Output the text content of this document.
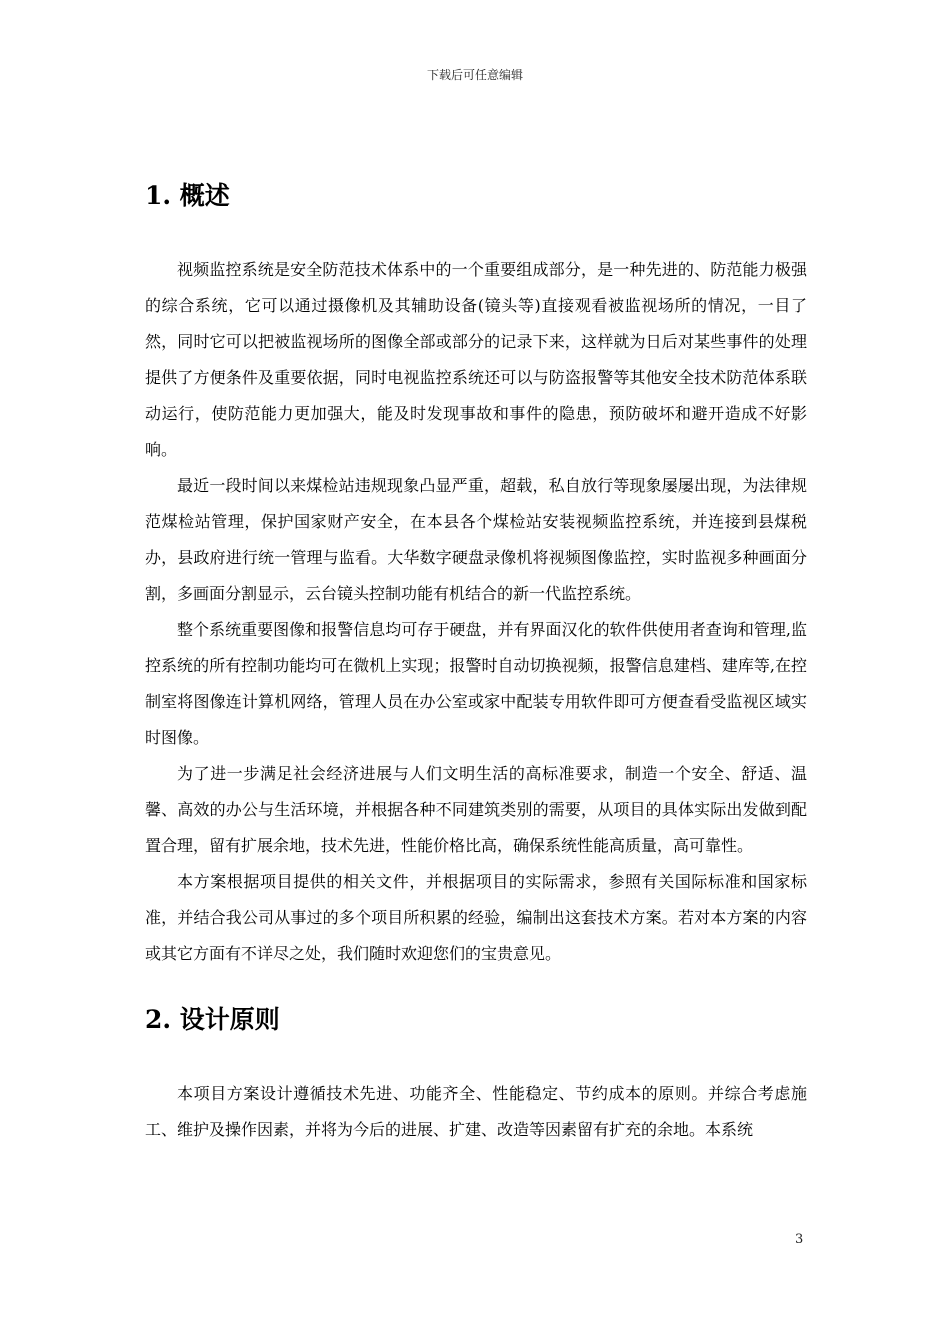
下载后可任意编辑
1. 概述

视频监控系统是安全防范技术体系中的一个重要组成部分，是一种先进的、防范能力极强的综合系统，它可以通过摄像机及其辅助设备(镜头等)直接观看被监视场所的情况，一目了然，同时它可以把被监视场所的图像全部或部分的记录下来，这样就为日后对某些事件的处理提供了方便条件及重要依据，同时电视监控系统还可以与防盗报警等其他安全技术防范体系联动运行，使防范能力更加强大，能及时发现事故和事件的隐患，预防破坏和避开造成不好影响。

最近一段时间以来煤检站违规现象凸显严重，超载，私自放行等现象屡屡出现，为法律规范煤检站管理，保护国家财产安全，在本县各个煤检站安装视频监控系统，并连接到县煤税办，县政府进行统一管理与监看。大华数字硬盘录像机将视频图像监控，实时监视多种画面分割，多画面分割显示，云台镜头控制功能有机结合的新一代监控系统。

整个系统重要图像和报警信息均可存于硬盘，并有界面汉化的软件供使用者查询和管理,监控系统的所有控制功能均可在微机上实现；报警时自动切换视频，报警信息建档、建库等,在控制室将图像连计算机网络，管理人员在办公室或家中配装专用软件即可方便查看受监视区域实时图像。

为了进一步满足社会经济进展与人们文明生活的高标准要求，制造一个安全、舒适、温馨、高效的办公与生活环境，并根据各种不同建筑类别的需要，从项目的具体实际出发做到配置合理，留有扩展余地，技术先进，性能价格比高，确保系统性能高质量，高可靠性。

本方案根据项目提供的相关文件，并根据项目的实际需求，参照有关国际标准和国家标准，并结合我公司从事过的多个项目所积累的经验，编制出这套技术方案。若对本方案的内容或其它方面有不详尽之处，我们随时欢迎您们的宝贵意见。

2. 设计原则

本项目方案设计遵循技术先进、功能齐全、性能稳定、节约成本的原则。并综合考虑施工、维护及操作因素，并将为今后的进展、扩建、改造等因素留有扩充的余地。本系统

3
